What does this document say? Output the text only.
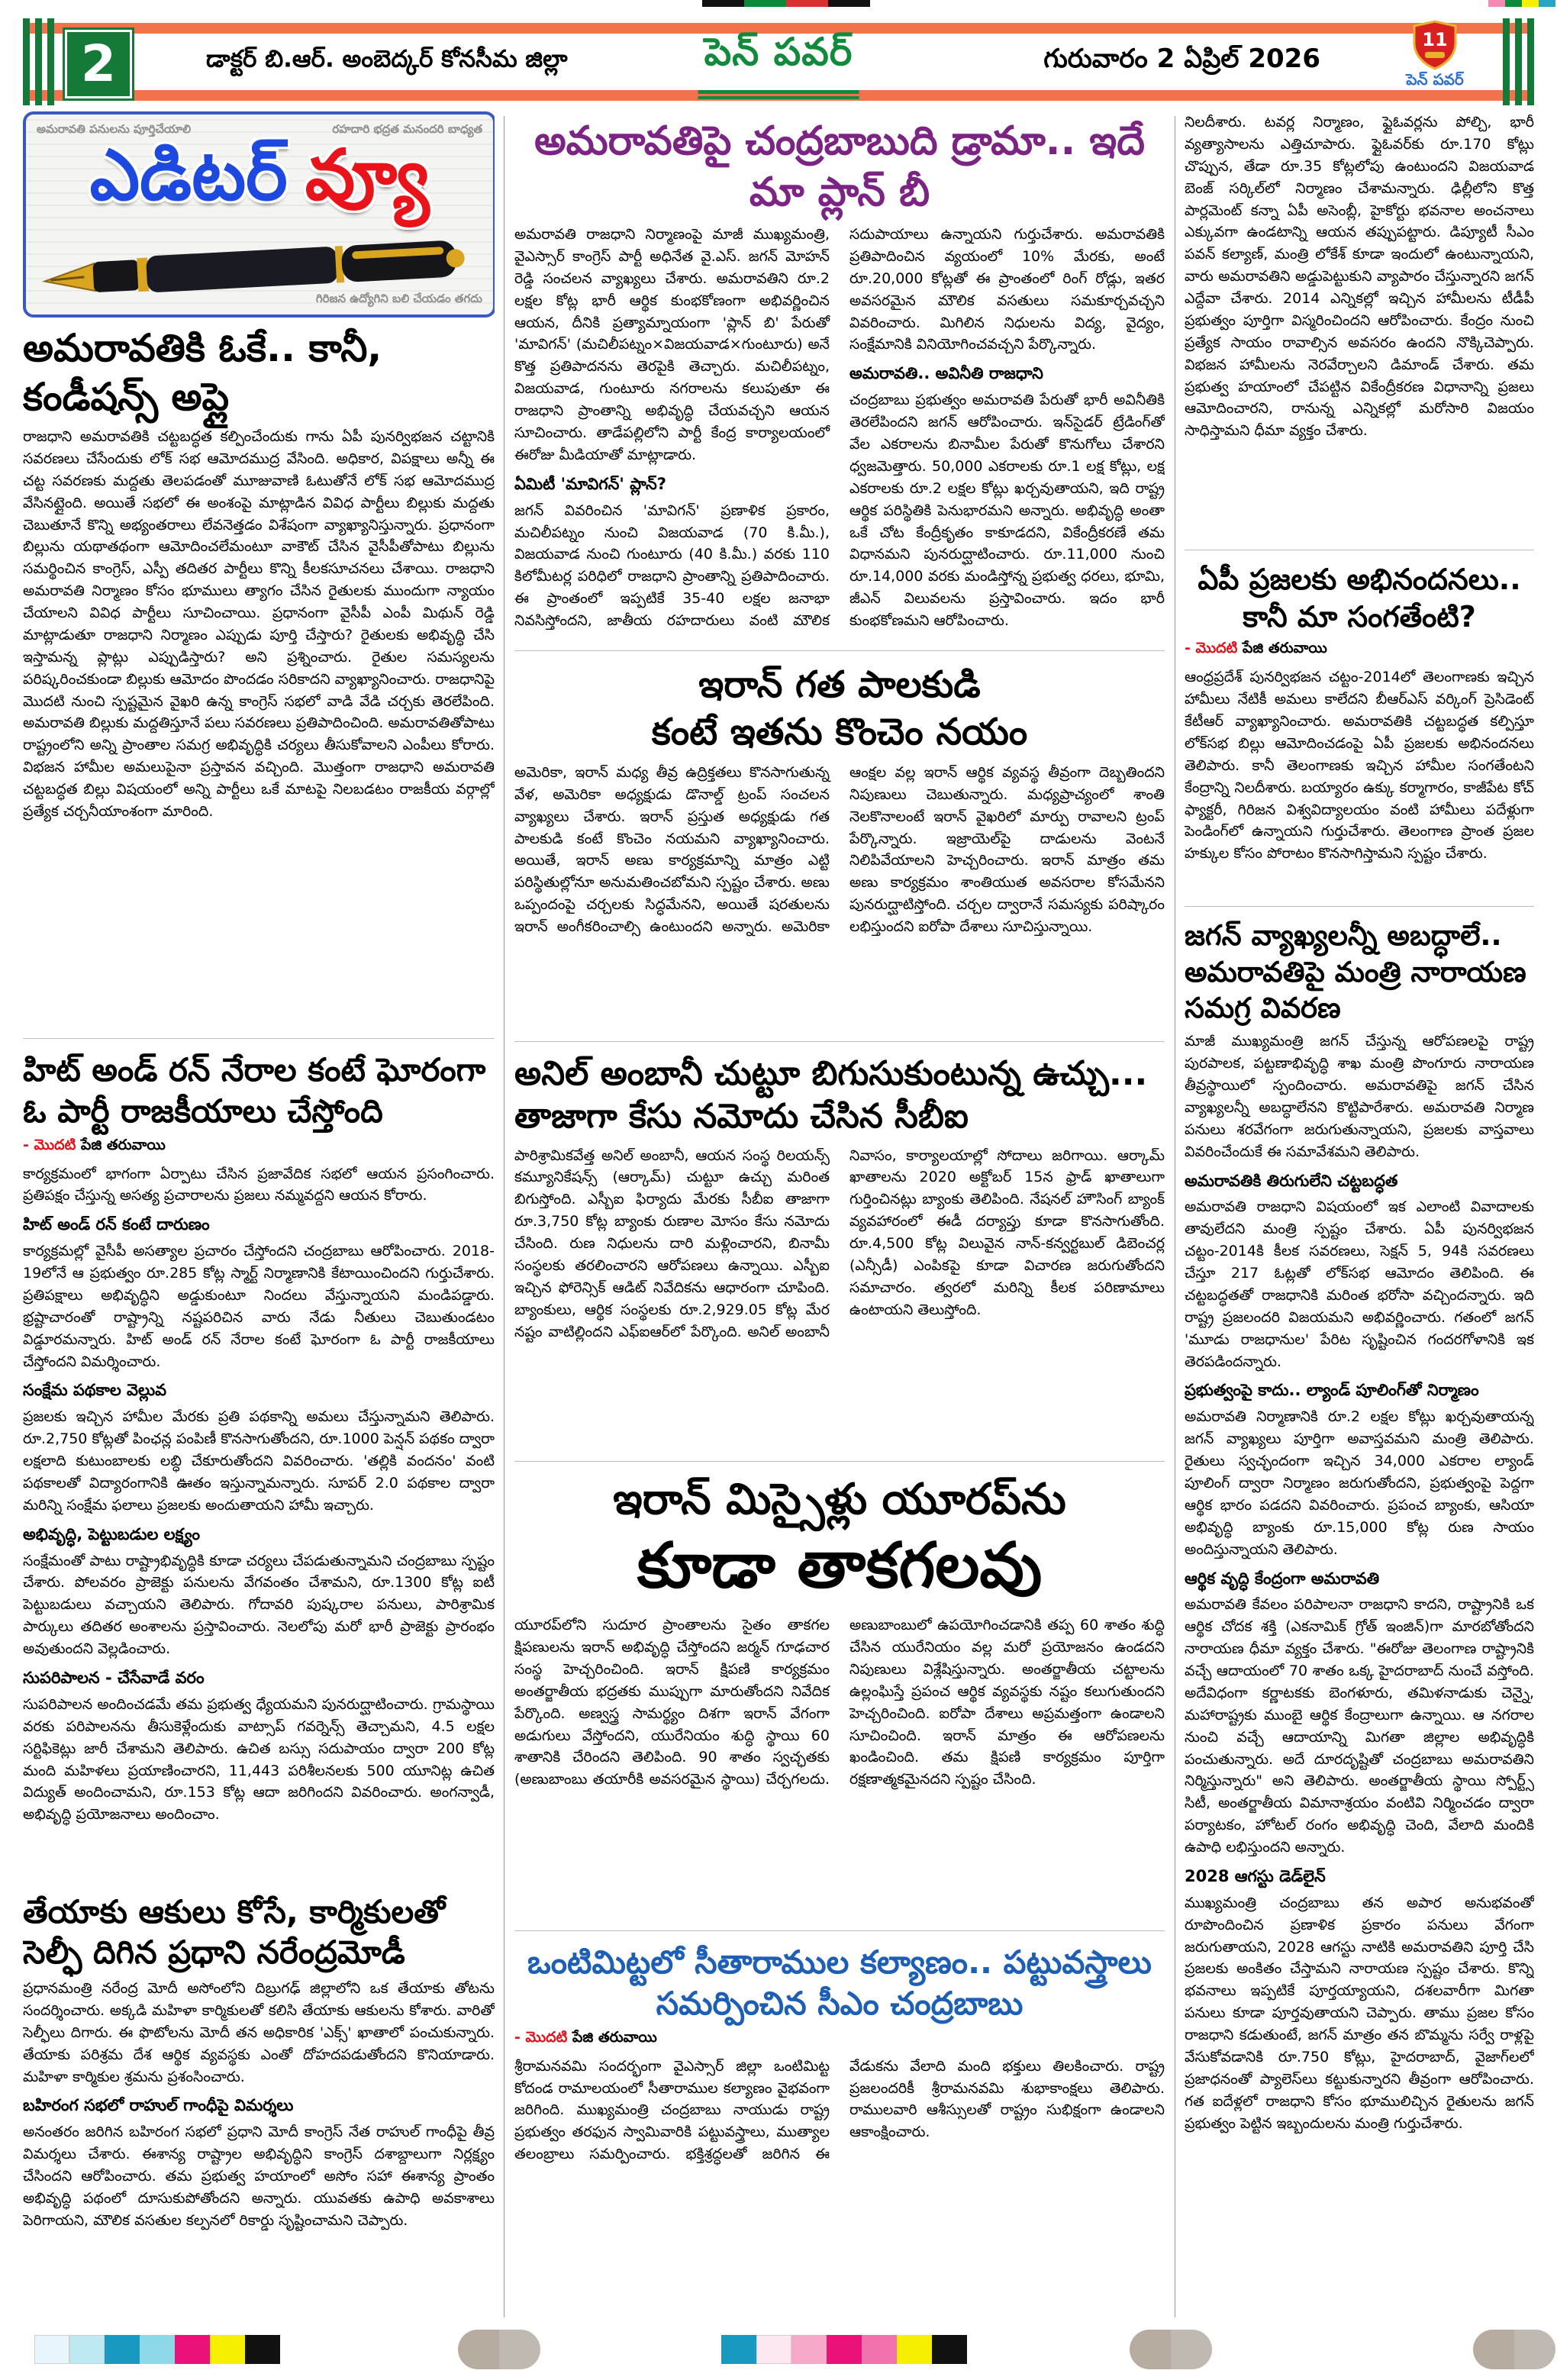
2	డాక్టర్ బి.ఆర్. అంబెద్కర్ కోనసీమ జిల్లా	పెన్ పవర్	గురువారం 2 ఏప్రిల్ 2026
11
పెన్ పవర్
అమరావతి పనులను పూర్తిచేయాలి	రహదారి భద్రత మనందరి బాధ్యత
గిరిజన ఉద్యోగిని బలి చేయడం తగదు
ఎడిటర్ వ్యూ
అమరావతికి ఓకే.. కానీ, కండీషన్స్ అప్లై

రాజధాని అమరావతికి చట్టబద్ధత కల్పించేందుకు గాను ఏపీ పునర్విభజన చట్టానికి సవరణలు చేసేందుకు లోక్ సభ ఆమోదముద్ర వేసింది. అధికార, విపక్షాలు అన్నీ ఈ చట్ట సవరణకు మద్దతు తెలపడంతో మూజువాణి ఓటుతోనే లోక్ సభ ఆమోదముద్ర వేసినట్లైంది. అయితే సభలో ఈ అంశంపై మాట్లాడిన వివిధ పార్టీలు బిల్లుకు మద్దతు చెబుతూనే కొన్ని అభ్యంతరాలు లేవనెత్తడం విశేషంగా వ్యాఖ్యానిస్తున్నారు. ప్రధానంగా బిల్లును యథాతథంగా ఆమోదించలేమంటూ వాకౌట్ చేసిన వైసీపీతోపాటు బిల్లును సమర్థించిన కాంగ్రెస్, ఎస్పీ తదితర పార్టీలు కొన్ని కీలకసూచనలు చేశాయి. రాజధాని అమరావతి నిర్మాణం కోసం భూములు త్యాగం చేసిన రైతులకు ముందుగా న్యాయం చేయాలని వివిధ పార్టీలు సూచించాయి. ప్రధానంగా వైసీపీ ఎంపీ మిథున్ రెడ్డి మాట్లాడుతూ రాజధాని నిర్మాణం ఎప్పుడు పూర్తి చేస్తారు? రైతులకు అభివృద్ధి చేసి ఇస్తామన్న ప్లాట్లు ఎప్పుడిస్తారు? అని ప్రశ్నించారు. రైతుల సమస్యలను పరిష్కరించకుండా బిల్లుకు ఆమోదం పొందడం సరికాదని వ్యాఖ్యానించారు. రాజధానిపై మొదటి నుంచి స్పష్టమైన వైఖరి ఉన్న కాంగ్రెస్ సభలో వాడి వేడి చర్చకు తెరలేపింది. అమరావతి బిల్లుకు మద్దతిస్తూనే పలు సవరణలు ప్రతిపాదించింది. అమరావతితోపాటు రాష్ట్రంలోని అన్ని ప్రాంతాల సమగ్ర అభివృద్ధికి చర్యలు తీసుకోవాలని ఎంపీలు కోరారు. విభజన హామీల అమలుపైనా ప్రస్తావన వచ్చింది. మొత్తంగా రాజధాని అమరావతి చట్టబద్ధత బిల్లు విషయంలో అన్ని పార్టీలు ఒకే మాటపై నిలబడటం రాజకీయ వర్గాల్లో ప్రత్యేక చర్చనీయాంశంగా మారింది.

హిట్ అండ్ రన్ నేరాల కంటే ఘోరంగా ఓ పార్టీ రాజకీయాలు చేస్తోంది
- మొదటి పేజి తరువాయి

కార్యక్రమంలో భాగంగా ఏర్పాటు చేసిన ప్రజావేదిక సభలో ఆయన ప్రసంగించారు. ప్రతిపక్షం చేస్తున్న అసత్య ప్రచారాలను ప్రజలు నమ్మవద్దని ఆయన కోరారు.

హిట్ అండ్ రన్ కంటే దారుణం

కార్యక్రమల్లో వైసీపీ అసత్యాల ప్రచారం చేస్తోందని చంద్రబాబు ఆరోపించారు. 2018-19లోనే ఆ ప్రభుత్వం రూ.285 కోట్ల స్మార్ట్ నిర్మాణానికి కేటాయించిందని గుర్తుచేశారు. ప్రతిపక్షాలు అభివృద్ధిని అడ్డుకుంటూ నిందలు వేస్తున్నాయని మండిపడ్డారు. భ్రష్టాచారంతో రాష్ట్రాన్ని నష్టపరిచిన వారు నేడు నీతులు చెబుతుండటం విడ్డూరమన్నారు. హిట్ అండ్ రన్ నేరాల కంటే ఘోరంగా ఓ పార్టీ రాజకీయాలు చేస్తోందని విమర్శించారు.

సంక్షేమ పథకాల వెల్లువ

ప్రజలకు ఇచ్చిన హామీల మేరకు ప్రతి పథకాన్ని అమలు చేస్తున్నామని తెలిపారు. రూ.2,750 కోట్లతో పింఛన్ల పంపిణీ కొనసాగుతోందని, రూ.1000 పెన్షన్ పథకం ద్వారా లక్షలాది కుటుంబాలకు లబ్ధి చేకూరుతోందని వివరించారు. 'తల్లికి వందనం' వంటి పథకాలతో విద్యారంగానికి ఊతం ఇస్తున్నామన్నారు. సూపర్ 2.0 పథకాల ద్వారా మరిన్ని సంక్షేమ ఫలాలు ప్రజలకు అందుతాయని హామీ ఇచ్చారు.

అభివృద్ధి, పెట్టుబడుల లక్ష్యం

సంక్షేమంతో పాటు రాష్ట్రాభివృద్ధికి కూడా చర్యలు చేపడుతున్నామని చంద్రబాబు స్పష్టం చేశారు. పోలవరం ప్రాజెక్టు పనులను వేగవంతం చేశామని, రూ.1300 కోట్ల ఐటీ పెట్టుబడులు వచ్చాయని తెలిపారు. గోదావరి పుష్కరాల పనులు, పారిశ్రామిక పార్కులు తదితర అంశాలను ప్రస్తావించారు. నెలలోపు మరో భారీ ప్రాజెక్టు ప్రారంభం అవుతుందని వెల్లడించారు.

సుపరిపాలన - చేసేవాడే వరం

సుపరిపాలన అందించడమే తమ ప్రభుత్వ ధ్యేయమని పునరుద్ఘాటించారు. గ్రామస్థాయి వరకు పరిపాలనను తీసుకెళ్లేందుకు వాట్సాప్ గవర్నెన్స్ తెచ్చామని, 4.5 లక్షల సర్టిఫికెట్లు జారీ చేశామని తెలిపారు. ఉచిత బస్సు సదుపాయం ద్వారా 200 కోట్ల మంది మహిళలు ప్రయాణించారని, 11,443 పరిశీలనలకు 500 యూనిట్ల ఉచిత విద్యుత్ అందించామని, రూ.153 కోట్ల ఆదా జరిగిందని వివరించారు. అంగన్వాడీ, అభివృద్ధి ప్రయోజనాలు అందించాం.

తేయాకు ఆకులు కోసే, కార్మికులతో సెల్ఫీ దిగిన ప్రధాని నరేంద్రమోడీ

ప్రధానమంత్రి నరేంద్ర మోదీ అసోంలోని దిబ్రుగఢ్ జిల్లాలోని ఒక తేయాకు తోటను సందర్శించారు. అక్కడి మహిళా కార్మికులతో కలిసి తేయాకు ఆకులను కోశారు. వారితో సెల్ఫీలు దిగారు. ఈ ఫొటోలను మోదీ తన అధికారిక 'ఎక్స్' ఖాతాలో పంచుకున్నారు. తేయాకు పరిశ్రమ దేశ ఆర్థిక వ్యవస్థకు ఎంతో దోహదపడుతోందని కొనియాడారు. మహిళా కార్మికుల శ్రమను ప్రశంసించారు.

బహిరంగ సభలో రాహుల్ గాంధీపై విమర్శలు

అనంతరం జరిగిన బహిరంగ సభలో ప్రధాని మోదీ కాంగ్రెస్ నేత రాహుల్ గాంధీపై తీవ్ర విమర్శలు చేశారు. ఈశాన్య రాష్ట్రాల అభివృద్ధిని కాంగ్రెస్ దశాబ్దాలుగా నిర్లక్ష్యం చేసిందని ఆరోపించారు. తమ ప్రభుత్వ హయాంలో అసోం సహా ఈశాన్య ప్రాంతం అభివృద్ధి పథంలో దూసుకుపోతోందని అన్నారు. యువతకు ఉపాధి అవకాశాలు పెరిగాయని, మౌలిక వసతుల కల్పనలో రికార్డు సృష్టించామని చెప్పారు.

అమరావతిపై చంద్రబాబుది డ్రామా.. ఇదే మా ప్లాన్ బీ

అమరావతి రాజధాని నిర్మాణంపై మాజీ ముఖ్యమంత్రి, వైఎస్సార్ కాంగ్రెస్ పార్టీ అధినేత వై.ఎస్. జగన్ మోహన్ రెడ్డి సంచలన వ్యాఖ్యలు చేశారు. అమరావతిని రూ.2 లక్షల కోట్ల భారీ ఆర్థిక కుంభకోణంగా అభివర్ణించిన ఆయన, దీనికి ప్రత్యామ్నాయంగా 'ప్లాన్ బి' పేరుతో 'మావిగన్' (మచిలీపట్నం×విజయవాడ×గుంటూరు) అనే కొత్త ప్రతిపాదనను తెరపైకి తెచ్చారు. మచిలీపట్నం, విజయవాడ, గుంటూరు నగరాలను కలుపుతూ ఈ రాజధాని ప్రాంతాన్ని అభివృద్ధి చేయవచ్చని ఆయన సూచించారు. తాడేపల్లిలోని పార్టీ కేంద్ర కార్యాలయంలో ఈరోజు మీడియాతో మాట్లాడారు.

ఏమిటీ 'మావిగన్' ప్లాన్?

జగన్ వివరించిన 'మావిగన్' ప్రణాళిక ప్రకారం, మచిలీపట్నం నుంచి విజయవాడ (70 కి.మీ.), విజయవాడ నుంచి గుంటూరు (40 కి.మీ.) వరకు 110 కిలోమీటర్ల పరిధిలో రాజధాని ప్రాంతాన్ని ప్రతిపాదించారు. ఈ ప్రాంతంలో ఇప్పటికే 35-40 లక్షల జనాభా నివసిస్తోందని, జాతీయ రహదారులు వంటి మౌలిక సదుపాయాలు ఉన్నాయని గుర్తుచేశారు. అమరావతికి ప్రతిపాదించిన వ్యయంలో 10% మేరకు, అంటే రూ.20,000 కోట్లతో ఈ ప్రాంతంలో రింగ్ రోడ్లు, ఇతర అవసరమైన మౌలిక వసతులు సమకూర్చవచ్చని వివరించారు. మిగిలిన నిధులను విద్య, వైద్యం, సంక్షేమానికి వినియోగించవచ్చని పేర్కొన్నారు.

అమరావతి.. అవినీతి రాజధాని

చంద్రబాబు ప్రభుత్వం అమరావతి పేరుతో భారీ అవినీతికి తెరలేపిందని జగన్ ఆరోపించారు. ఇన్‌సైడర్ ట్రేడింగ్‌తో వేల ఎకరాలను బినామీల పేరుతో కొనుగోలు చేశారని ధ్వజమెత్తారు. 50,000 ఎకరాలకు రూ.1 లక్ష కోట్లు, లక్ష ఎకరాలకు రూ.2 లక్షల కోట్లు ఖర్చవుతాయని, ఇది రాష్ట్ర ఆర్థిక పరిస్థితికి పెనుభారమని అన్నారు. అభివృద్ధి అంతా ఒకే చోట కేంద్రీకృతం కాకూడదని, వికేంద్రీకరణే తమ విధానమని పునరుద్ఘాటించారు. రూ.11,000 నుంచి రూ.14,000 వరకు మండిస్తోన్న ప్రభుత్వ ధరలు, భూమి, జీఎన్ విలువలను ప్రస్తావించారు. ఇదం భారీ కుంభకోణమని ఆరోపించారు.

ఇరాన్ గత పాలకుడి
కంటే ఇతను కొంచెం నయం

అమెరికా, ఇరాన్ మధ్య తీవ్ర ఉద్రిక్తతలు కొనసాగుతున్న వేళ, అమెరికా అధ్యక్షుడు డొనాల్డ్ ట్రంప్ సంచలన వ్యాఖ్యలు చేశారు. ఇరాన్ ప్రస్తుత అధ్యక్షుడు గత పాలకుడి కంటే కొంచెం నయమని వ్యాఖ్యానించారు. అయితే, ఇరాన్ అణు కార్యక్రమాన్ని మాత్రం ఎట్టి పరిస్థితుల్లోనూ అనుమతించబోమని స్పష్టం చేశారు. అణు ఒప్పందంపై చర్చలకు సిద్ధమేనని, అయితే షరతులను ఇరాన్ అంగీకరించాల్సి ఉంటుందని అన్నారు. అమెరికా ఆంక్షల వల్ల ఇరాన్ ఆర్థిక వ్యవస్థ తీవ్రంగా దెబ్బతిందని నిపుణులు చెబుతున్నారు. మధ్యప్రాచ్యంలో శాంతి నెలకొనాలంటే ఇరాన్ వైఖరిలో మార్పు రావాలని ట్రంప్ పేర్కొన్నారు. ఇజ్రాయెల్‌పై దాడులను వెంటనే నిలిపివేయాలని హెచ్చరించారు. ఇరాన్ మాత్రం తమ అణు కార్యక్రమం శాంతియుత అవసరాల కోసమేనని పునరుద్ఘాటిస్తోంది. చర్చల ద్వారానే సమస్యకు పరిష్కారం లభిస్తుందని ఐరోపా దేశాలు సూచిస్తున్నాయి.

అనిల్ అంబానీ చుట్టూ బిగుసుకుంటున్న ఉచ్చు... తాజాగా కేసు నమోదు చేసిన సీబీఐ

పారిశ్రామికవేత్త అనిల్ అంబానీ, ఆయన సంస్థ రిలయన్స్ కమ్యూనికేషన్స్ (ఆర్కామ్) చుట్టూ ఉచ్చు మరింత బిగుస్తోంది. ఎస్బీఐ ఫిర్యాదు మేరకు సీబీఐ తాజాగా రూ.3,750 కోట్ల బ్యాంకు రుణాల మోసం కేసు నమోదు చేసింది. రుణ నిధులను దారి మళ్లించారని, బినామీ సంస్థలకు తరలించారని ఆరోపణలు ఉన్నాయి. ఎస్బీఐ ఇచ్చిన ఫోరెన్సిక్ ఆడిట్ నివేదికను ఆధారంగా చూపింది. బ్యాంకులు, ఆర్థిక సంస్థలకు రూ.2,929.05 కోట్ల మేర నష్టం వాటిల్లిందని ఎఫ్ఐఆర్‌లో పేర్కొంది. అనిల్ అంబానీ నివాసం, కార్యాలయాల్లో సోదాలు జరిగాయి. ఆర్కామ్ ఖాతాలను 2020 అక్టోబర్ 15న ఫ్రాడ్ ఖాతాలుగా గుర్తించినట్లు బ్యాంకు తెలిపింది. నేషనల్ హౌసింగ్ బ్యాంక్ వ్యవహారంలో ఈడీ దర్యాప్తు కూడా కొనసాగుతోంది. రూ.4,500 కోట్ల విలువైన నాన్-కన్వర్టబుల్ డిబెంచర్ల (ఎన్సీడీ) ఎంపికపై కూడా విచారణ జరుగుతోందని సమాచారం. త్వరలో మరిన్ని కీలక పరిణామాలు ఉంటాయని తెలుస్తోంది.

ఇరాన్ మిస్సైళ్లు యూరప్‌ను
కూడా తాకగలవు

యూరప్‌లోని సుదూర ప్రాంతాలను సైతం తాకగల క్షిపణులను ఇరాన్ అభివృద్ధి చేస్తోందని జర్మన్ గూఢచార సంస్థ హెచ్చరించింది. ఇరాన్ క్షిపణి కార్యక్రమం అంతర్జాతీయ భద్రతకు ముప్పుగా మారుతోందని నివేదిక పేర్కొంది. అణ్వస్త్ర సామర్థ్యం దిశగా ఇరాన్ వేగంగా అడుగులు వేస్తోందని, యురేనియం శుద్ధి స్థాయి 60 శాతానికి చేరిందని తెలిపింది. 90 శాతం స్వచ్ఛతకు (అణుబాంబు తయారీకి అవసరమైన స్థాయి) చేర్చగలదు. అణుబాంబులో ఉపయోగించడానికి తప్ప 60 శాతం శుద్ధి చేసిన యురేనియం వల్ల మరో ప్రయోజనం ఉండదని నిపుణులు విశ్లేషిస్తున్నారు. అంతర్జాతీయ చట్టాలను ఉల్లంఘిస్తే ప్రపంచ ఆర్థిక వ్యవస్థకు నష్టం కలుగుతుందని హెచ్చరించింది. ఐరోపా దేశాలు అప్రమత్తంగా ఉండాలని సూచించింది. ఇరాన్ మాత్రం ఈ ఆరోపణలను ఖండించింది. తమ క్షిపణి కార్యక్రమం పూర్తిగా రక్షణాత్మకమైనదని స్పష్టం చేసింది.

ఒంటిమిట్టలో సీతారాముల కల్యాణం.. పట్టువస్త్రాలు సమర్పించిన సీఎం చంద్రబాబు
- మొదటి పేజి తరువాయి

శ్రీరామనవమి సందర్భంగా వైఎస్సార్ జిల్లా ఒంటిమిట్ట కోదండ రామాలయంలో సీతారాముల కల్యాణం వైభవంగా జరిగింది. ముఖ్యమంత్రి చంద్రబాబు నాయుడు రాష్ట్ర ప్రభుత్వం తరఫున స్వామివారికి పట్టువస్త్రాలు, ముత్యాల తలంబ్రాలు సమర్పించారు. భక్తిశ్రద్ధలతో జరిగిన ఈ వేడుకను వేలాది మంది భక్తులు తిలకించారు. రాష్ట్ర ప్రజలందరికీ శ్రీరామనవమి శుభాకాంక్షలు తెలిపారు. రాములవారి ఆశీస్సులతో రాష్ట్రం సుభిక్షంగా ఉండాలని ఆకాంక్షించారు.

నిలదీశారు. టవర్ల నిర్మాణం, ఫ్లైఓవర్లను పోల్చి, భారీ వ్యత్యాసాలను ఎత్తిచూపారు. ఫ్లైఓవర్‌కు రూ.170 కోట్లు చొప్పున, తేడా రూ.35 కోట్లలోపు ఉంటుందని విజయవాడ బెంజ్ సర్కిల్‌లో నిర్మాణం చేశామన్నారు. ఢిల్లీలోని కొత్త పార్లమెంట్ కన్నా ఏపీ అసెంబ్లీ, హైకోర్టు భవనాల అంచనాలు ఎక్కువగా ఉండటాన్ని ఆయన తప్పుపట్టారు. డిప్యూటీ సీఎం పవన్ కల్యాణ్, మంత్రి లోకేశ్ కూడా ఇందులో ఉంటున్నాయని, వారు అమరావతిని అడ్డుపెట్టుకుని వ్యాపారం చేస్తున్నారని జగన్ ఎద్దేవా చేశారు. 2014 ఎన్నికల్లో ఇచ్చిన హామీలను టీడీపీ ప్రభుత్వం పూర్తిగా విస్మరించిందని ఆరోపించారు. కేంద్రం నుంచి ప్రత్యేక సాయం రావాల్సిన అవసరం ఉందని నొక్కిచెప్పారు. విభజన హామీలను నెరవేర్చాలని డిమాండ్ చేశారు. తమ ప్రభుత్వ హయాంలో చేపట్టిన వికేంద్రీకరణ విధానాన్ని ప్రజలు ఆమోదించారని, రానున్న ఎన్నికల్లో మరోసారి విజయం సాధిస్తామని ధీమా వ్యక్తం చేశారు.

ఏపీ ప్రజలకు అభినందనలు.. కానీ మా సంగతేంటి?
- మొదటి పేజి తరువాయి

ఆంధ్రప్రదేశ్ పునర్విభజన చట్టం-2014లో తెలంగాణకు ఇచ్చిన హామీలు నేటికీ అమలు కాలేదని బీఆర్ఎస్ వర్కింగ్ ప్రెసిడెంట్ కేటీఆర్ వ్యాఖ్యానించారు. అమరావతికి చట్టబద్ధత కల్పిస్తూ లోక్‌సభ బిల్లు ఆమోదించడంపై ఏపీ ప్రజలకు అభినందనలు తెలిపారు. కానీ తెలంగాణకు ఇచ్చిన హామీల సంగతేంటని కేంద్రాన్ని నిలదీశారు. బయ్యారం ఉక్కు కర్మాగారం, కాజీపేట కోచ్ ఫ్యాక్టరీ, గిరిజన విశ్వవిద్యాలయం వంటి హామీలు పదేళ్లుగా పెండింగ్‌లో ఉన్నాయని గుర్తుచేశారు. తెలంగాణ ప్రాంత ప్రజల హక్కుల కోసం పోరాటం కొనసాగిస్తామని స్పష్టం చేశారు.

జగన్ వ్యాఖ్యలన్నీ అబద్ధాలే.. అమరావతిపై మంత్రి నారాయణ సమగ్ర వివరణ

మాజీ ముఖ్యమంత్రి జగన్ చేస్తున్న ఆరోపణలపై రాష్ట్ర పురపాలక, పట్టణాభివృద్ధి శాఖ మంత్రి పొంగూరు నారాయణ తీవ్రస్థాయిలో స్పందించారు. అమరావతిపై జగన్ చేసిన వ్యాఖ్యలన్నీ అబద్ధాలేనని కొట్టిపారేశారు. అమరావతి నిర్మాణ పనులు శరవేగంగా జరుగుతున్నాయని, ప్రజలకు వాస్తవాలు వివరించేందుకే ఈ సమావేశమని తెలిపారు.

అమరావతికి తిరుగులేని చట్టబద్ధత

అమరావతి రాజధాని విషయంలో ఇక ఎలాంటి వివాదాలకు తావులేదని మంత్రి స్పష్టం చేశారు. ఏపీ పునర్విభజన చట్టం-2014కి కీలక సవరణలు, సెక్షన్ 5, 94కి సవరణలు చేస్తూ 217 ఓట్లతో లోక్‌సభ ఆమోదం తెలిపింది. ఈ చట్టబద్ధతతో రాజధానికి మరింత భరోసా వచ్చిందన్నారు. ఇది రాష్ట్ర ప్రజలందరి విజయమని అభివర్ణించారు. గతంలో జగన్ 'మూడు రాజధానుల' పేరిట సృష్టించిన గందరగోళానికి ఇక తెరపడిందన్నారు.

ప్రభుత్వంపై కాదు.. ల్యాండ్ పూలింగ్‌తో నిర్మాణం

అమరావతి నిర్మాణానికి రూ.2 లక్షల కోట్లు ఖర్చవుతాయన్న జగన్ వ్యాఖ్యలు పూర్తిగా అవాస్తవమని మంత్రి తెలిపారు. రైతులు స్వచ్ఛందంగా ఇచ్చిన 34,000 ఎకరాల ల్యాండ్ పూలింగ్ ద్వారా నిర్మాణం జరుగుతోందని, ప్రభుత్వంపై పెద్దగా ఆర్థిక భారం పడదని వివరించారు. ప్రపంచ బ్యాంకు, ఆసియా అభివృద్ధి బ్యాంకు రూ.15,000 కోట్ల రుణ సాయం అందిస్తున్నాయని తెలిపారు.

ఆర్థిక వృద్ధి కేంద్రంగా అమరావతి

అమరావతి కేవలం పరిపాలనా రాజధాని కాదని, రాష్ట్రానికి ఒక ఆర్థిక చోదక శక్తి (ఎకనామిక్ గ్రోత్ ఇంజిన్)గా మారబోతోందని నారాయణ ధీమా వ్యక్తం చేశారు. "ఈరోజు తెలంగాణ రాష్ట్రానికి వచ్చే ఆదాయంలో 70 శాతం ఒక్క హైదరాబాద్ నుంచే వస్తోంది. అదేవిధంగా కర్ణాటకకు బెంగళూరు, తమిళనాడుకు చెన్నై, మహారాష్ట్రకు ముంబై ఆర్థిక కేంద్రాలుగా ఉన్నాయి. ఆ నగరాల నుంచి వచ్చే ఆదాయాన్ని మిగతా జిల్లాల అభివృద్ధికి పంచుతున్నారు. అదే దూరదృష్టితో చంద్రబాబు అమరావతిని నిర్మిస్తున్నారు" అని తెలిపారు. అంతర్జాతీయ స్థాయి స్పోర్ట్స్ సిటీ, అంతర్జాతీయ విమానాశ్రయం వంటివి నిర్మించడం ద్వారా పర్యాటకం, హోటల్ రంగం అభివృద్ధి చెంది, వేలాది మందికి ఉపాధి లభిస్తుందని అన్నారు.

2028 ఆగస్టు డెడ్‌లైన్

ముఖ్యమంత్రి చంద్రబాబు తన అపార అనుభవంతో రూపొందించిన ప్రణాళిక ప్రకారం పనులు వేగంగా జరుగుతాయని, 2028 ఆగస్టు నాటికి అమరావతిని పూర్తి చేసి ప్రజలకు అంకితం చేస్తామని నారాయణ స్పష్టం చేశారు. కొన్ని భవనాలు ఇప్పటికే పూర్తయ్యాయని, దశలవారీగా మిగతా పనులు కూడా పూర్తవుతాయని చెప్పారు. తాము ప్రజల కోసం రాజధాని కడుతుంటే, జగన్ మాత్రం తన బొమ్మను సర్వే రాళ్లపై వేసుకోవడానికి రూ.750 కోట్లు, హైదరాబాద్, వైజాగ్‌లలో ప్రజాధనంతో ప్యాలెస్‌లు కట్టుకున్నారని తీవ్రంగా ఆరోపించారు. గత ఐదేళ్లలో రాజధాని కోసం భూములిచ్చిన రైతులను జగన్ ప్రభుత్వం పెట్టిన ఇబ్బందులను మంత్రి గుర్తుచేశారు.
